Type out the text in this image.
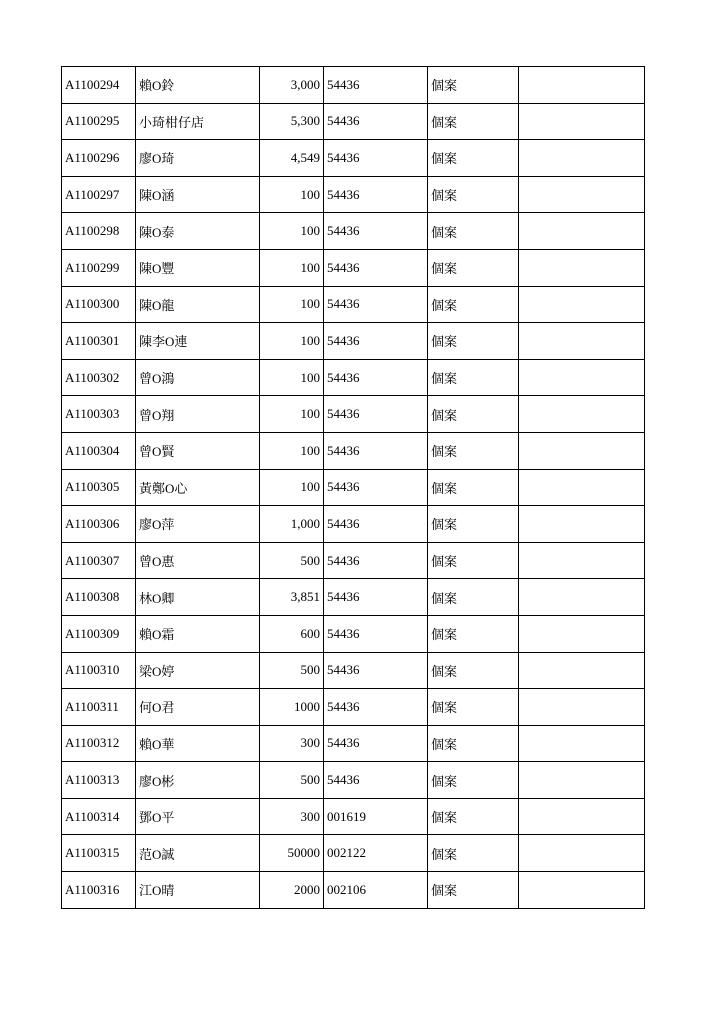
A1100294	賴O鈴	3,000	54436	個案	
A1100295	小琦柑仔店	5,300	54436	個案	
A1100296	廖O琦	4,549	54436	個案	
A1100297	陳O涵	100	54436	個案	
A1100298	陳O泰	100	54436	個案	
A1100299	陳O豐	100	54436	個案	
A1100300	陳O龍	100	54436	個案	
A1100301	陳李O連	100	54436	個案	
A1100302	曾O鴻	100	54436	個案	
A1100303	曾O翔	100	54436	個案	
A1100304	曾O賢	100	54436	個案	
A1100305	黃鄭O心	100	54436	個案	
A1100306	廖O萍	1,000	54436	個案	
A1100307	曾O惠	500	54436	個案	
A1100308	林O卿	3,851	54436	個案	
A1100309	賴O霜	600	54436	個案	
A1100310	梁O婷	500	54436	個案	
A1100311	何O君	1000	54436	個案	
A1100312	賴O華	300	54436	個案	
A1100313	廖O彬	500	54436	個案	
A1100314	鄧O平	300	001619	個案	
A1100315	范O誠	50000	002122	個案	
A1100316	江O晴	2000	002106	個案	
